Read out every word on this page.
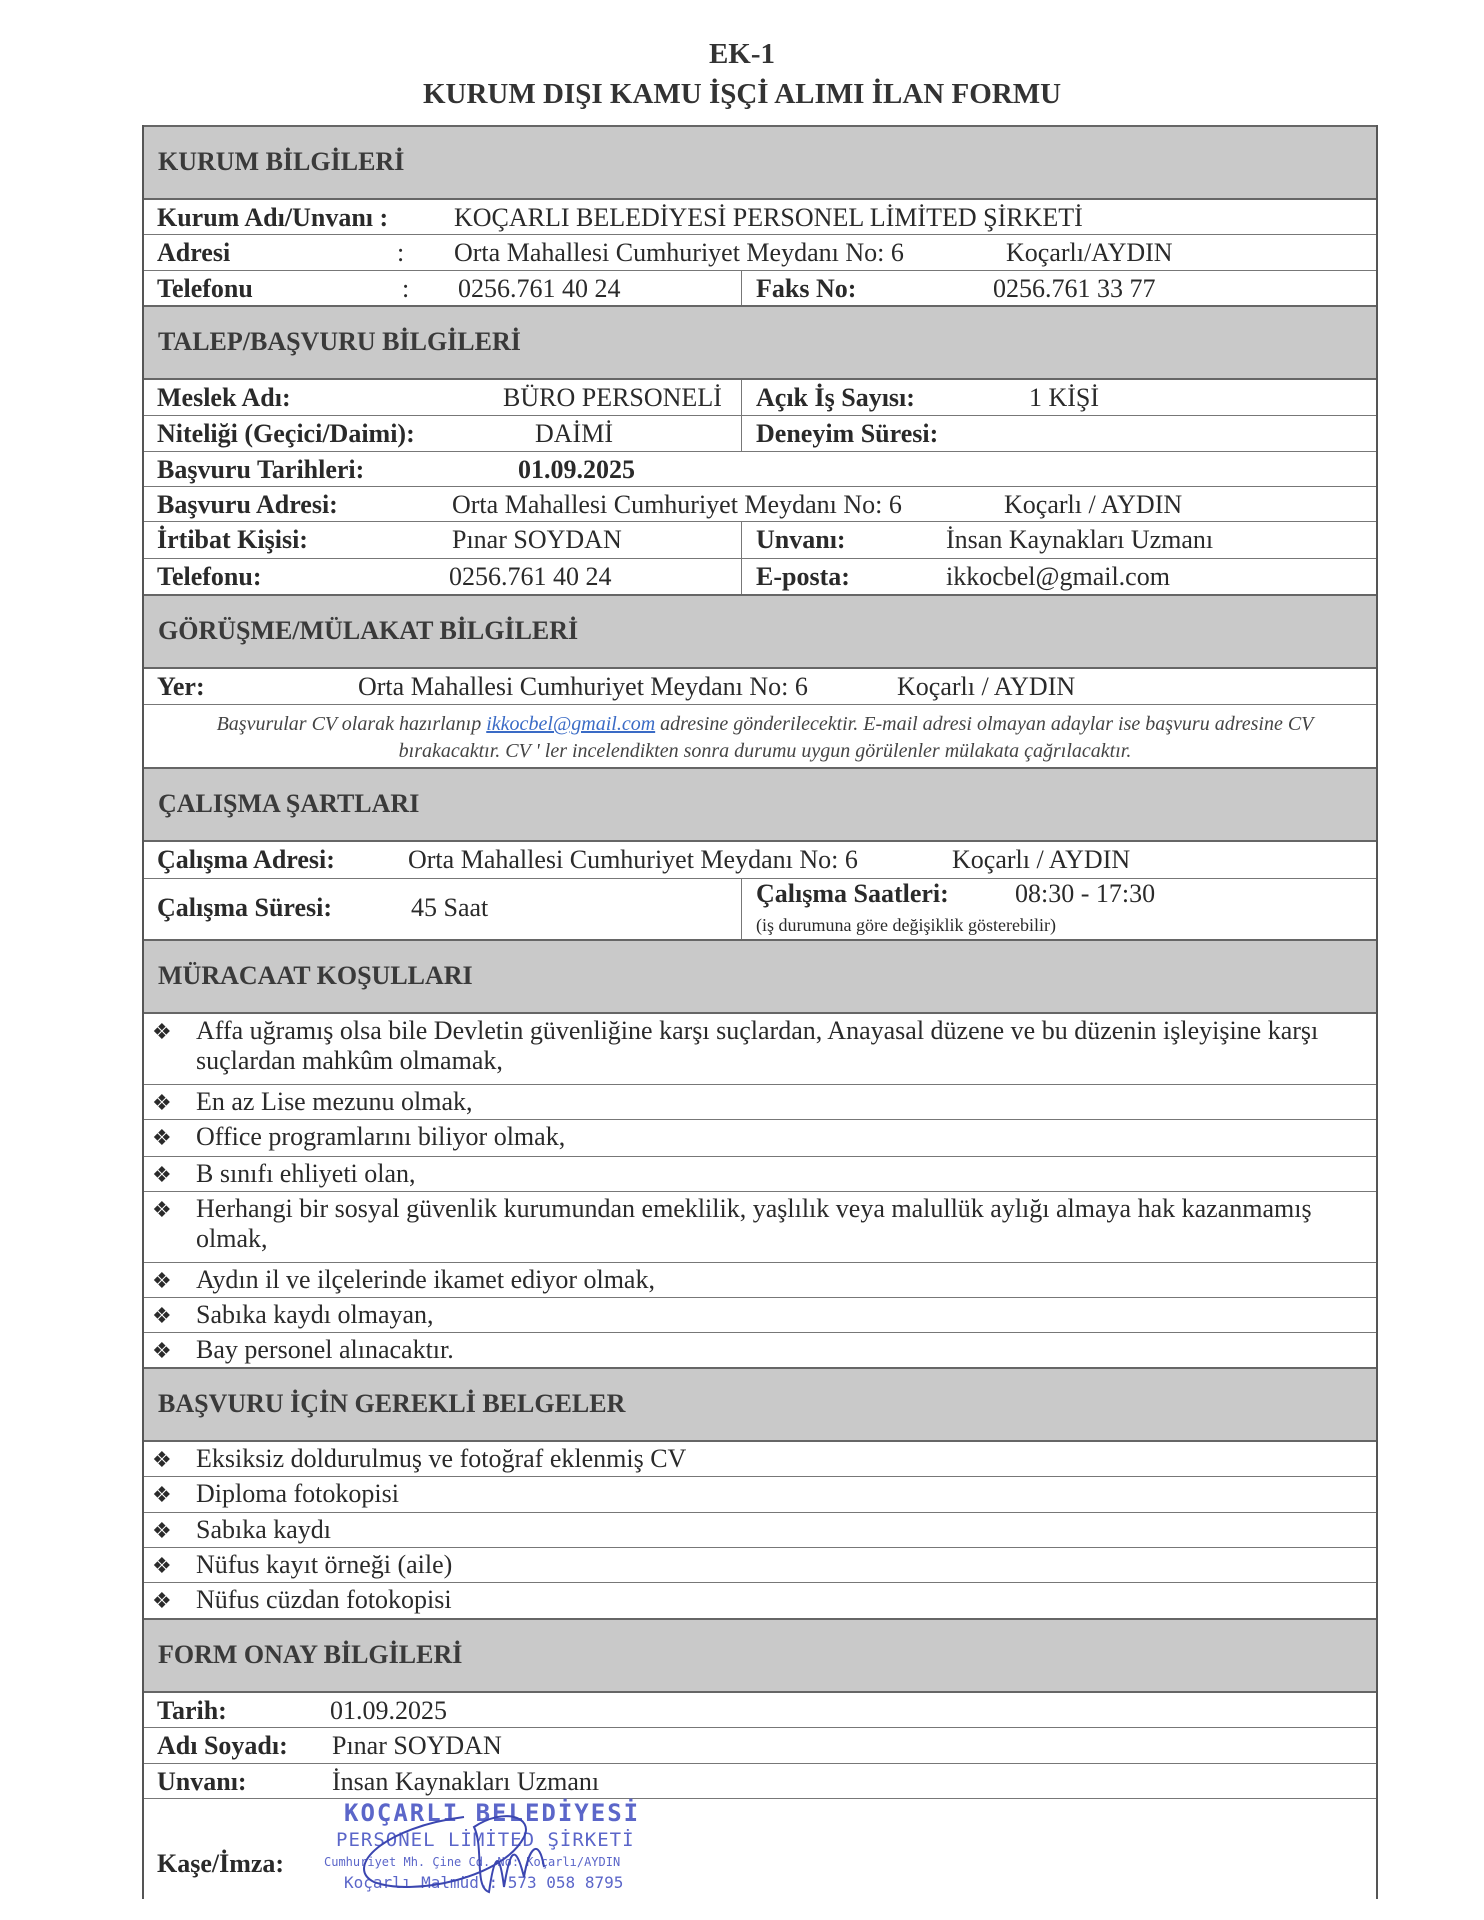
EK-1
KURUM DIŞI KAMU İŞÇİ ALIMI İLAN FORMU
KURUM BİLGİLERİ
Kurum Adı/Unvanı :	KOÇARLI BELEDİYESİ PERSONEL LİMİTED ŞİRKETİ
Adresi	: Orta Mahallesi Cumhuriyet Meydanı No: 6	Koçarlı/AYDIN
Telefonu	: 0256.761 40 24	Faks No:	0256.761 33 77
TALEP/BAŞVURU BİLGİLERİ
Meslek Adı:	BÜRO PERSONELİ Açık İş Sayısı:	1 KİŞİ
Niteliği (Geçici/Daimi):	DAİMİ	Deneyim Süresi:
Başvuru Tarihleri:	01.09.2025
Başvuru Adresi:	Orta Mahallesi Cumhuriyet Meydanı No: 6	Koçarlı / AYDIN
İrtibat Kişisi:	Pınar SOYDAN	Unvanı:	İnsan Kaynakları Uzmanı
Telefonu:	0256.761 40 24	E-posta:	ikkocbel@gmail.com
GÖRÜŞME/MÜLAKAT BİLGİLERİ
Yer:	Orta Mahallesi Cumhuriyet Meydanı No: 6	Koçarlı / AYDIN
Başvurular CV olarak hazırlanıp ikkocbel@gmail.com adresine gönderilecektir. E-mail adresi olmayan adaylar ise başvuru adresine CV bırakacaktır. CV ' ler incelendikten sonra durumu uygun görülenler mülakata çağrılacaktır.
ÇALIŞMA ŞARTLARI
Çalışma Adresi:	Orta Mahallesi Cumhuriyet Meydanı No: 6	Koçarlı / AYDIN
Çalışma Süresi:	45 Saat	Çalışma Saatleri:	08:30 - 17:30
(iş durumuna göre değişiklik gösterebilir)
MÜRACAAT KOŞULLARI
❖ Affa uğramış olsa bile Devletin güvenliğine karşı suçlardan, Anayasal düzene ve bu düzenin işleyişine karşı suçlardan mahkûm olmamak,
❖ En az Lise mezunu olmak,
❖ Office programlarını biliyor olmak,
❖ B sınıfı ehliyeti olan,
❖ Herhangi bir sosyal güvenlik kurumundan emeklilik, yaşlılık veya malullük aylığı almaya hak kazanmamış olmak,
❖ Aydın il ve ilçelerinde ikamet ediyor olmak,
❖ Sabıka kaydı olmayan,
❖ Bay personel alınacaktır.
BAŞVURU İÇİN GEREKLİ BELGELER
❖ Eksiksiz doldurulmuş ve fotoğraf eklenmiş CV
❖ Diploma fotokopisi
❖ Sabıka kaydı
❖ Nüfus kayıt örneği (aile)
❖ Nüfus cüzdan fotokopisi
FORM ONAY BİLGİLERİ
Tarih:	01.09.2025
Adı Soyadı: Pınar SOYDAN
Unvanı:	İnsan Kaynakları Uzmanı
Kaşe/İmza:
KOÇARLI BELEDİYESİ
PERSONEL LİMİTED ŞİRKETİ
Cumhuriyet Mh. Çine Cd. No: Koçarlı/AYDIN
Koçarlı Malmüd.: 573 058 8795
